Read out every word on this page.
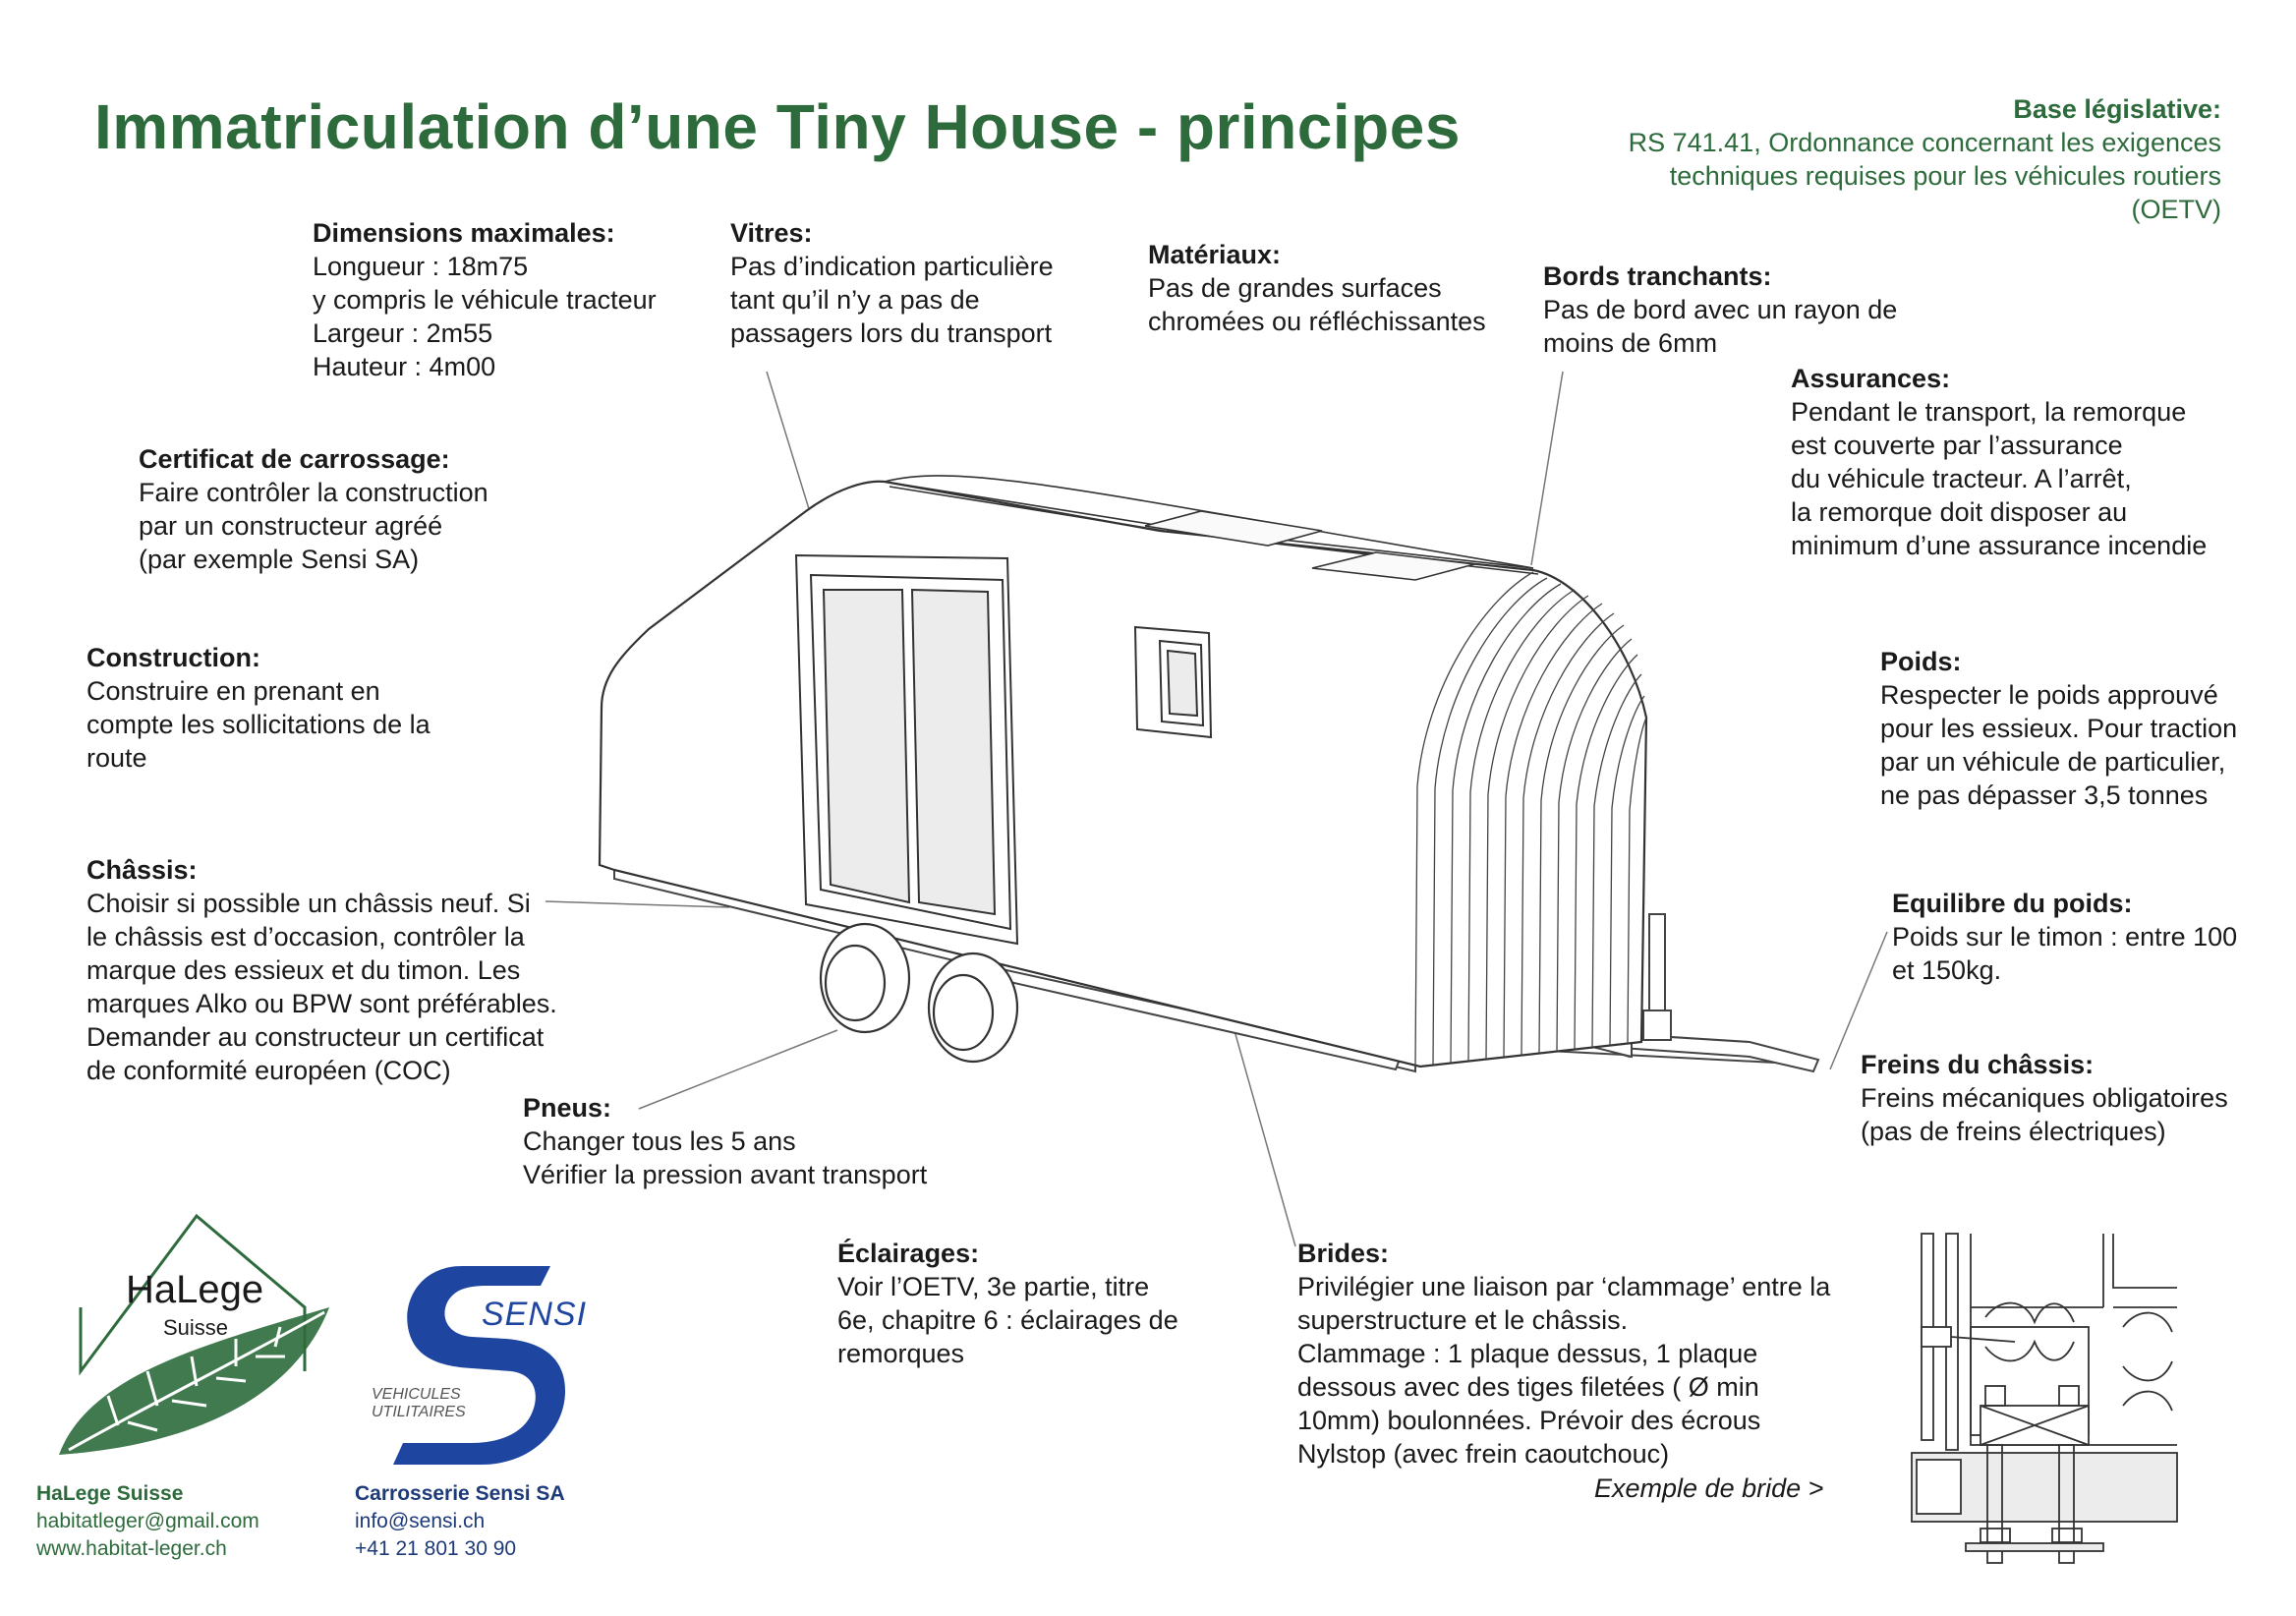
Immatriculation d’une Tiny House - principes	Base législative:
RS 741.41, Ordonnance concernant les exigences
techniques requises pour les véhicules routiers
(OETV)
Dimensions maximales:
Longueur : 18m75
y compris le véhicule tracteur
Largeur : 2m55
Hauteur : 4m00
Vitres:
Pas d’indication particulière
tant qu’il n’y a pas de
passagers lors du transport
Matériaux:
Pas de grandes surfaces
chromées ou réfléchissantes
Bords tranchants:
Pas de bord avec un rayon de
moins de 6mm
Assurances:
Pendant le transport, la remorque
est couverte par l’assurance
du véhicule tracteur. A l’arrêt,
la remorque doit disposer au
minimum d’une assurance incendie
Certificat de carrossage:
Faire contrôler la construction
par un constructeur agréé
(par exemple Sensi SA)
Construction:
Construire en prenant en
compte les sollicitations de la
route
Poids:
Respecter le poids approuvé
pour les essieux. Pour traction
par un véhicule de particulier,
ne pas dépasser 3,5 tonnes
Châssis:
Choisir si possible un châssis neuf. Si
le châssis est d’occasion, contrôler la
marque des essieux et du timon. Les
marques Alko ou BPW sont préférables.
Demander au constructeur un certificat
de conformité européen (COC)
Equilibre du poids:
Poids sur le timon : entre 100
et 150kg.
Freins du châssis:
Freins mécaniques obligatoires
(pas de freins électriques)
Pneus:
Changer tous les 5 ans
Vérifier la pression avant transport
Éclairages:
Voir l’OETV, 3e partie, titre
6e, chapitre 6 : éclairages de
remorques
Brides:
Privilégier une liaison par ‘clammage’ entre la
superstructure et le châssis.
Clammage : 1 plaque dessus, 1 plaque
dessous avec des tiges filetées ( Ø min
10mm) boulonnées. Prévoir des écrous
Nylstop (avec frein caoutchouc)
Exemple de bride >
HaLege
Suisse	SENSI
VEHICULES
UTILITAIRES
HaLege Suisse
habitatleger@gmail.com
www.habitat-leger.ch
Carrosserie Sensi SA
info@sensi.ch
+41 21 801 30 90
